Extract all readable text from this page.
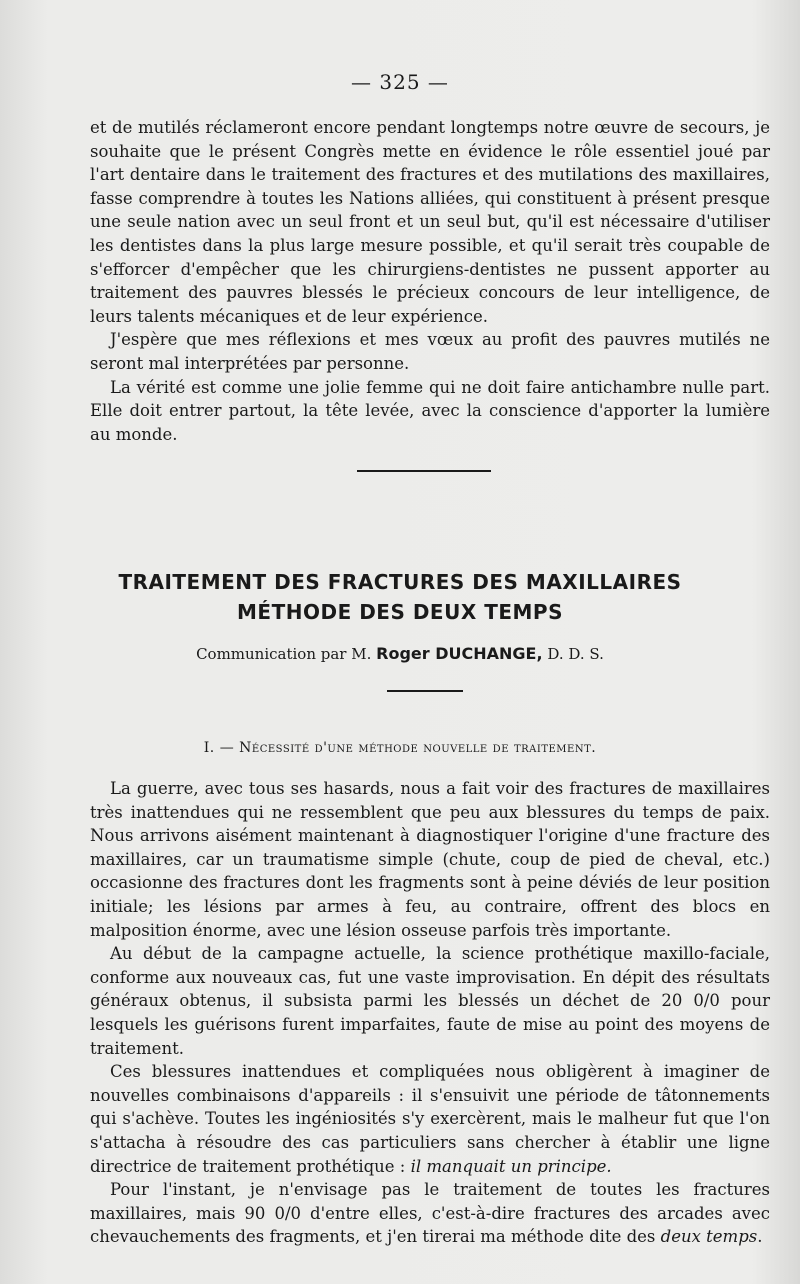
— 325 —

et de mutilés réclameront encore pendant longtemps notre œuvre de secours, je souhaite que le présent Congrès mette en évidence le rôle essentiel joué par l'art dentaire dans le traitement des fractures et des mutilations des maxillaires, fasse comprendre à toutes les Nations alliées, qui constituent à présent presque une seule nation avec un seul front et un seul but, qu'il est nécessaire d'utiliser les dentistes dans la plus large mesure possible, et qu'il serait très coupable de s'efforcer d'empêcher que les chirurgiens-dentistes ne pussent apporter au traitement des pauvres blessés le précieux concours de leur intelligence, de leurs talents mécaniques et de leur expérience.

J'espère que mes réflexions et mes vœux au profit des pauvres mutilés ne seront mal interprétées par personne.

La vérité est comme une jolie femme qui ne doit faire antichambre nulle part. Elle doit entrer partout, la tête levée, avec la conscience d'apporter la lumière au monde.

TRAITEMENT DES FRACTURES DES MAXILLAIRES
MÉTHODE DES DEUX TEMPS
Communication par M. Roger DUCHANGE, D. D. S.
I. — Nécessité d'une méthode nouvelle de traitement.

La guerre, avec tous ses hasards, nous a fait voir des fractures de maxillaires très inattendues qui ne ressemblent que peu aux blessures du temps de paix. Nous arrivons aisément maintenant à diagnostiquer l'origine d'une fracture des maxillaires, car un traumatisme simple (chute, coup de pied de cheval, etc.) occasionne des fractures dont les fragments sont à peine déviés de leur position initiale; les lésions par armes à feu, au contraire, offrent des blocs en malposition énorme, avec une lésion osseuse parfois très importante.

Au début de la campagne actuelle, la science prothétique maxillo-faciale, conforme aux nouveaux cas, fut une vaste improvisation. En dépit des résultats généraux obtenus, il subsista parmi les blessés un déchet de 20 0/0 pour lesquels les guérisons furent imparfaites, faute de mise au point des moyens de traitement.

Ces blessures inattendues et compliquées nous obligèrent à imaginer de nouvelles combinaisons d'appareils : il s'ensuivit une période de tâtonnements qui s'achève. Toutes les ingéniosités s'y exercèrent, mais le malheur fut que l'on s'attacha à résoudre des cas particuliers sans chercher à établir une ligne directrice de traitement prothétique : il manquait un principe.

Pour l'instant, je n'envisage pas le traitement de toutes les fractures maxillaires, mais 90 0/0 d'entre elles, c'est-à-dire fractures des arcades avec chevauchements des fragments, et j'en tirerai ma méthode dite des deux temps.
